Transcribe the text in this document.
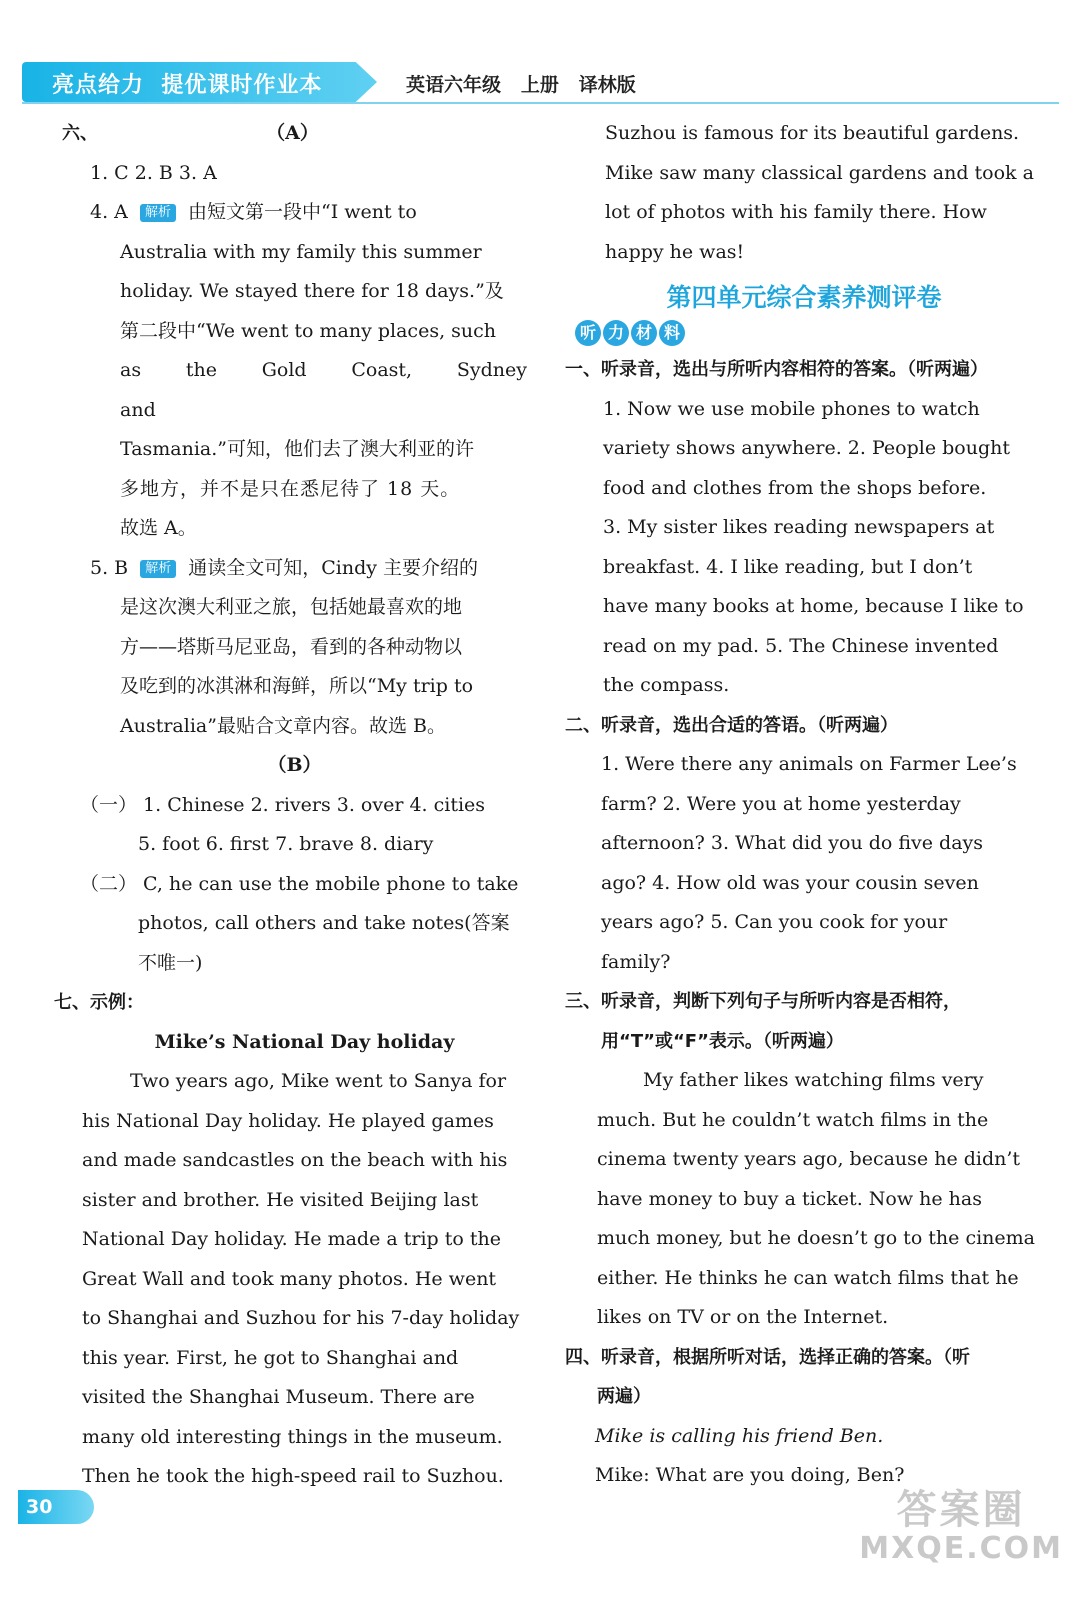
亮点给力  提优课时作业本	英语六年级   上册   译林版
六、	（A）
1. C 2. B 3. A
4. A 解析 由短文第一段中“I went to
Australia with my family this summer
holiday. We stayed there for 18 days.”及
第二段中“We went to many places, such
as the Gold Coast, Sydney and
Tasmania.”可知，他们去了澳大利亚的许
多地方，并不是只在悉尼待了 18 天。
故选 A。
5. B 解析 通读全文可知，Cindy 主要介绍的
是这次澳大利亚之旅，包括她最喜欢的地
方——塔斯马尼亚岛，看到的各种动物以
及吃到的冰淇淋和海鲜，所以“My trip to
Australia”最贴合文章内容。故选 B。
（B）
（一） 1. Chinese 2. rivers 3. over 4. cities
5. foot 6. first 7. brave 8. diary
（二） C, he can use the mobile phone to take
photos, call others and take notes(答案
不唯一)
七、示例：
Mike’s National Day holiday
Two years ago, Mike went to Sanya for
his National Day holiday. He played games
and made sandcastles on the beach with his
sister and brother. He visited Beijing last
National Day holiday. He made a trip to the
Great Wall and took many photos. He went
to Shanghai and Suzhou for his 7-day holiday
this year. First, he got to Shanghai and
visited the Shanghai Museum. There are
many old interesting things in the museum.
Then he took the high-speed rail to Suzhou.
Suzhou is famous for its beautiful gardens.
Mike saw many classical gardens and took a
lot of photos with his family there. How
happy he was!
第四单元综合素养测评卷
听 力 材 料
一、听录音，选出与所听内容相符的答案。（听两遍）
1. Now we use mobile phones to watch
variety shows anywhere. 2. People bought
food and clothes from the shops before.
3. My sister likes reading newspapers at
breakfast. 4. I like reading, but I don’t
have many books at home, because I like to
read on my pad. 5. The Chinese invented
the compass.
二、听录音，选出合适的答语。（听两遍）
1. Were there any animals on Farmer Lee’s
farm? 2. Were you at home yesterday
afternoon? 3. What did you do five days
ago? 4. How old was your cousin seven
years ago? 5. Can you cook for your
family?
三、听录音，判断下列句子与所听内容是否相符，
用“T”或“F”表示。（听两遍）
My father likes watching films very
much. But he couldn’t watch films in the
cinema twenty years ago, because he didn’t
have money to buy a ticket. Now he has
much money, but he doesn’t go to the cinema
either. He thinks he can watch films that he
likes on TV or on the Internet.
四、听录音，根据所听对话，选择正确的答案。（听
两遍）
Mike is calling his friend Ben.
Mike: What are you doing, Ben?
30	答案圈
MXQE.COM
